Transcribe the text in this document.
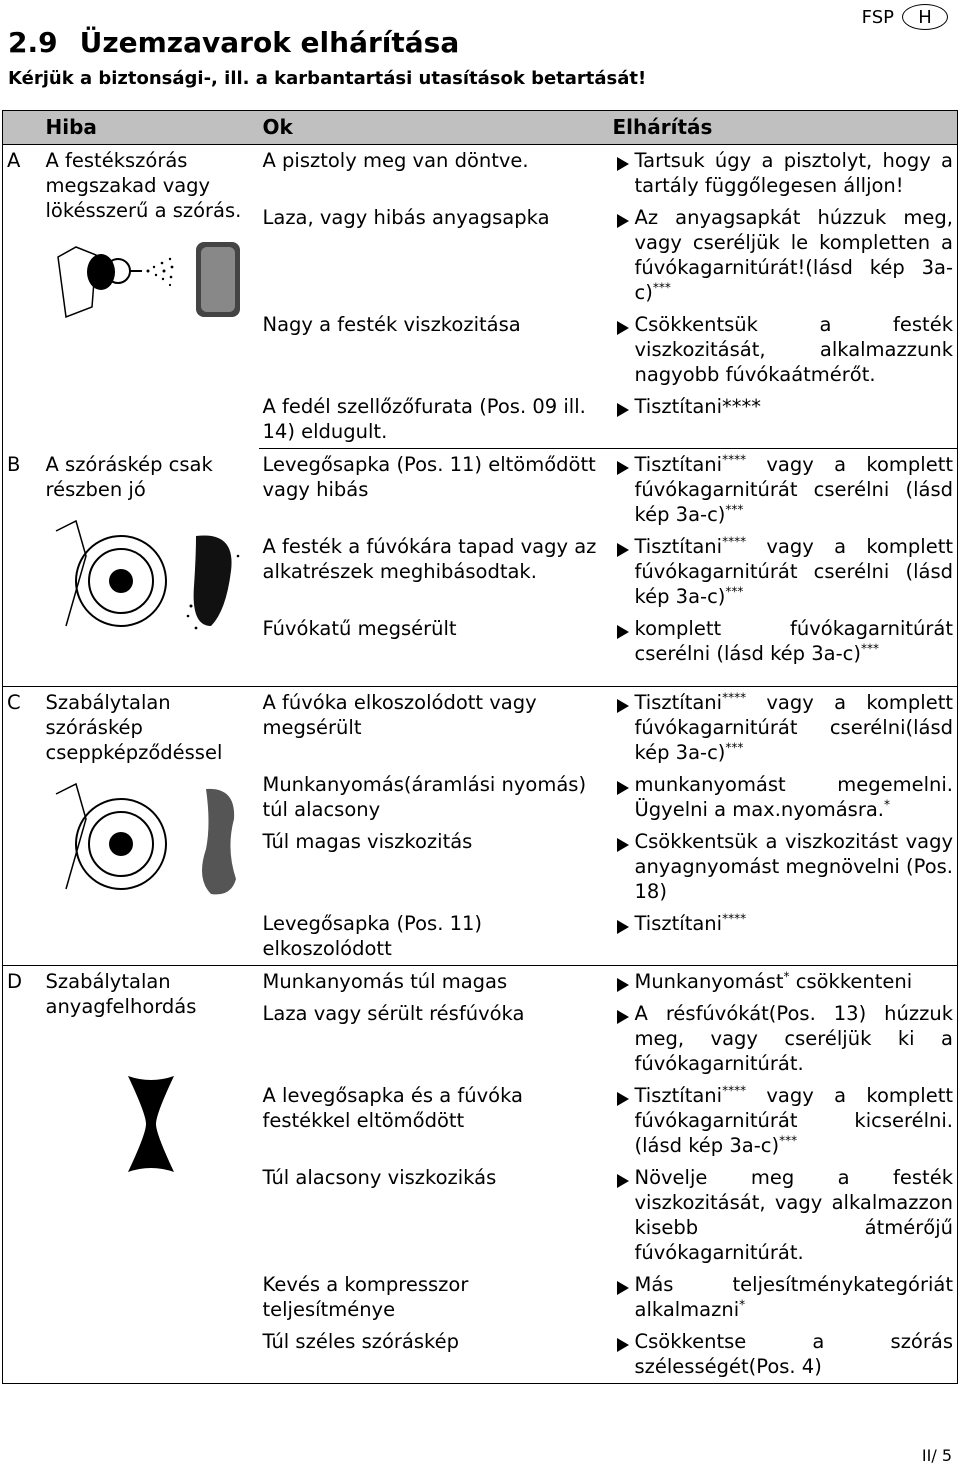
2.9 Üzemzavarok elhárítása
Kérjük a biztonsági-, ill. a karbantartási utasítások betartását!
FSP	H
	Hiba	Ok	Elhárítás
A	A festékszórás megszakad vagy lökésszerű a szórás.	A pisztoly meg van döntve.	Tartsuk úgy a pisztolyt, hogy a tartály függőlegesen álljon!

		Laza, vagy hibás anyagsapka	Az anyagsapkát húzzuk meg, vagy cseréljük le kompletten a fúvókagarnitúrát!(lásd kép 3a-c)***

		Nagy a festék viszkozitása	Csökkentsük a festék viszkozitását, alkalmazzunk nagyobb fúvókaátmérőt.

		A fedél szellőzőfurata (Pos. 09 ill. 14) eldugult.	Tisztítani****

B	A szóráskép csak részben jó	Levegősapka (Pos. 11) eltömődött vagy hibás	Tisztítani**** vagy a komplett fúvókagarnitúrát cserélni (lásd kép 3a-c)***

		A festék a fúvókára tapad vagy az alkatrészek meghibásodtak.	Tisztítani**** vagy a komplett fúvókagarnitúrát cserélni (lásd kép 3a-c)***

		Fúvókatű megsérült	komplett fúvókagarnitúrát cserélni (lásd kép 3a-c)***

C	Szabálytalan szóráskép cseppképződéssel	A fúvóka elkoszolódott vagy megsérült	Tisztítani**** vagy a komplett fúvókagarnitúrát cserélni(lásd kép 3a-c)***

		Munkanyomás(áramlási nyomás) túl alacsony	munkanyomást megemelni. Ügyelni a max.nyomásra.*

		Túl magas viszkozitás	Csökkentsük a viszkozitást vagy anyagnyomást megnövelni (Pos. 18)

		Levegősapka (Pos. 11) elkoszolódott	Tisztítani****

D	Szabálytalan anyagfelhordás	Munkanyomás túl magas	Munkanyomást* csökkenteni

		Laza vagy sérült résfúvóka	A résfúvókát(Pos. 13) húzzuk meg, vagy cseréljük ki a fúvókagarnitúrát.

		A levegősapka és a fúvóka festékkel eltömődött	Tisztítani**** vagy a komplett fúvókagarnitúrát kicserélni. (lásd kép 3a-c)***

		Túl alacsony viszkozikás	Növelje meg a festék viszkozitását, vagy alkalmazzon kisebb átmérőjű fúvókagarnitúrát.

		Kevés a kompresszor teljesítménye	Más teljesítménykategóriát alkalmazni*

		Túl széles szóráskép	Csökkentse a szórás szélességét(Pos. 4)
II/ 5
